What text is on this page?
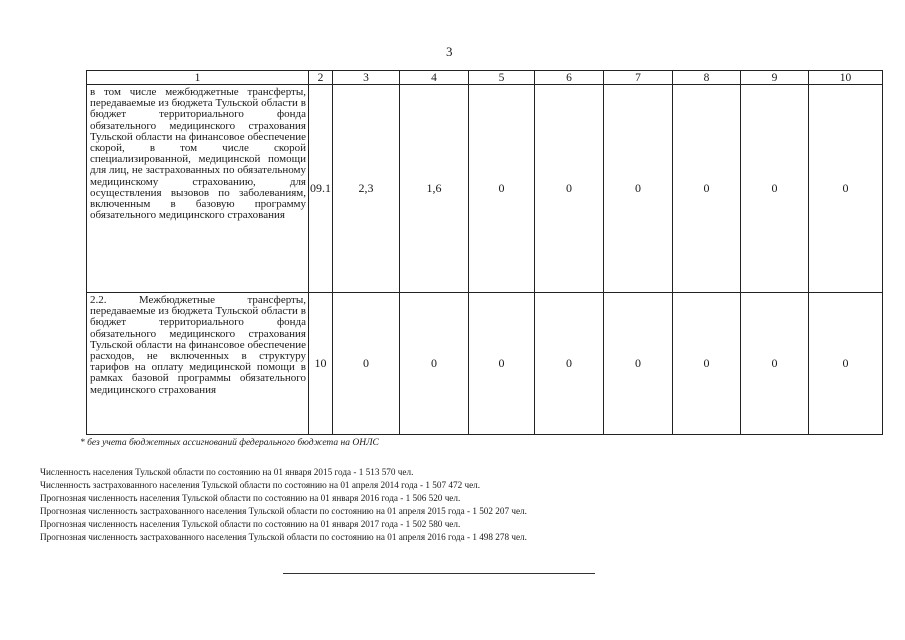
3
1	2	3	4	5	6	7	8	9	10
в том числе межбюджетные трансферты, передаваемые из бюджета Тульской области в бюджет территориального фонда обязательного медицинского страхования Тульской области на финансовое обеспечение скорой, в том числе скорой специализированной, медицинской помощи для лиц, не застрахованных по обязательному медицинскому страхованию, для осуществления вызовов по заболеваниям, включенным в базовую программу обязательного медицинского страхования	09.1	2,3	1,6	0	0	0	0	0	0
2.2. Межбюджетные трансферты, передаваемые из бюджета Тульской области в бюджет территориального фонда обязательного медицинского страхования Тульской области на финансовое обеспечение расходов, не включенных в структуру тарифов на оплату медицинской помощи в рамках базовой программы обязательного медицинского страхования	10	0	0	0	0	0	0	0	0
* без учета бюджетных ассигнований федерального бюджета на ОНЛС
Численность населения Тульской области по состоянию на 01 января 2015 года - 1 513 570 чел.
Численность застрахованного населения Тульской области по состоянию на 01 апреля 2014 года - 1 507 472 чел.
Прогнозная численность населения Тульской области по состоянию на 01 января 2016 года - 1 506 520 чел.
Прогнозная численность застрахованного населения Тульской области по состоянию на 01 апреля 2015 года - 1 502 207 чел.
Прогнозная численность населения Тульской области по состоянию на 01 января 2017 года - 1 502 580 чел.
Прогнозная численность застрахованного населения Тульской области по состоянию на 01 апреля 2016 года - 1 498 278 чел.
